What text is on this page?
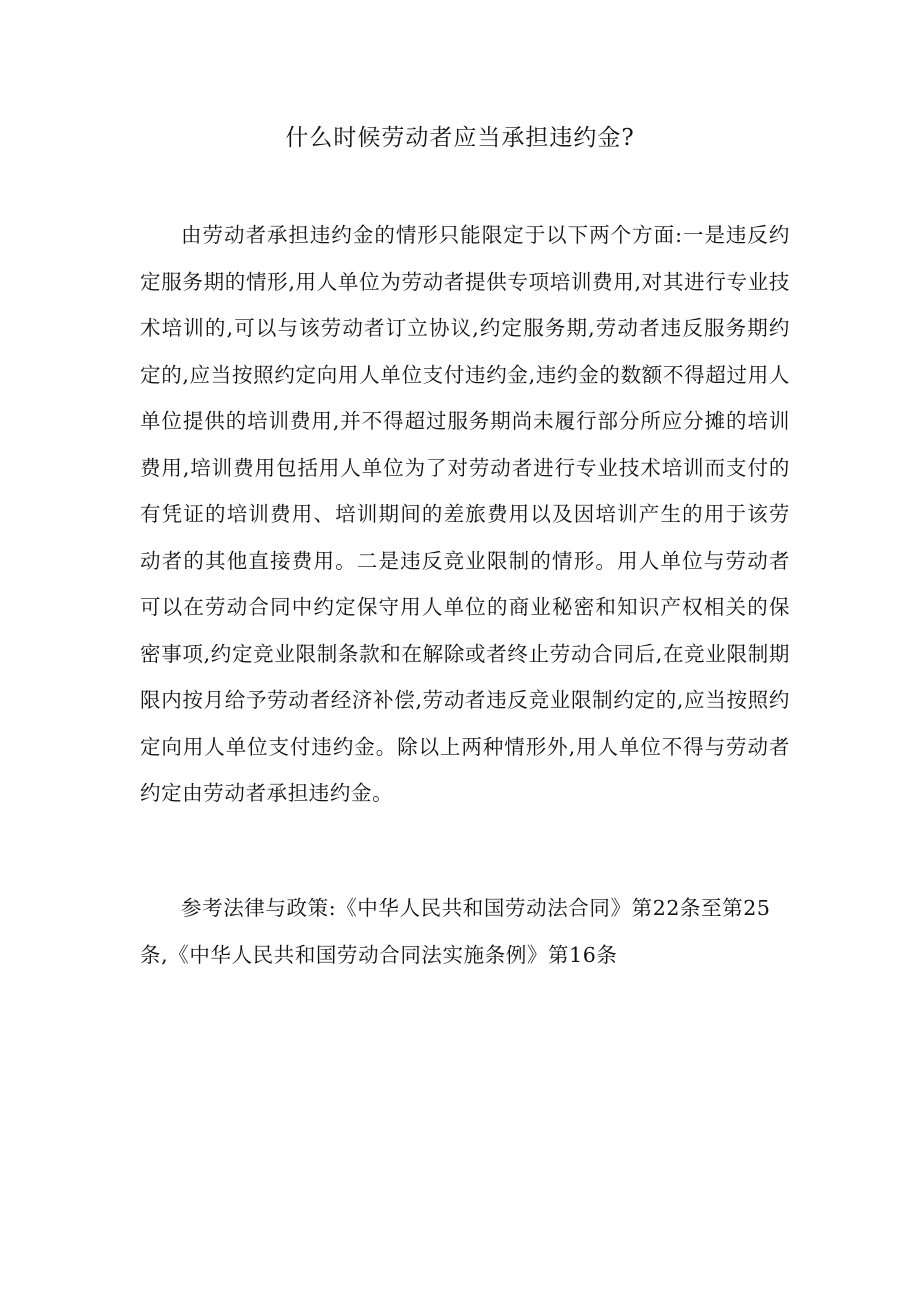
什么时候劳动者应当承担违约金?

由劳动者承担违约金的情形只能限定于以下两个方面:一是违反约定服务期的情形,用人单位为劳动者提供专项培训费用,对其进行专业技术培训的,可以与该劳动者订立协议,约定服务期,劳动者违反服务期约定的,应当按照约定向用人单位支付违约金,违约金的数额不得超过用人单位提供的培训费用,并不得超过服务期尚未履行部分所应分摊的培训费用,培训费用包括用人单位为了对劳动者进行专业技术培训而支付的有凭证的培训费用、培训期间的差旅费用以及因培训产生的用于该劳动者的其他直接费用。二是违反竞业限制的情形。用人单位与劳动者可以在劳动合同中约定保守用人单位的商业秘密和知识产权相关的保密事项,约定竞业限制条款和在解除或者终止劳动合同后,在竞业限制期限内按月给予劳动者经济补偿,劳动者违反竞业限制约定的,应当按照约定向用人单位支付违约金。除以上两种情形外,用人单位不得与劳动者约定由劳动者承担违约金。

参考法律与政策:《中华人民共和国劳动法合同》第22条至第25条,《中华人民共和国劳动合同法实施条例》第16条
